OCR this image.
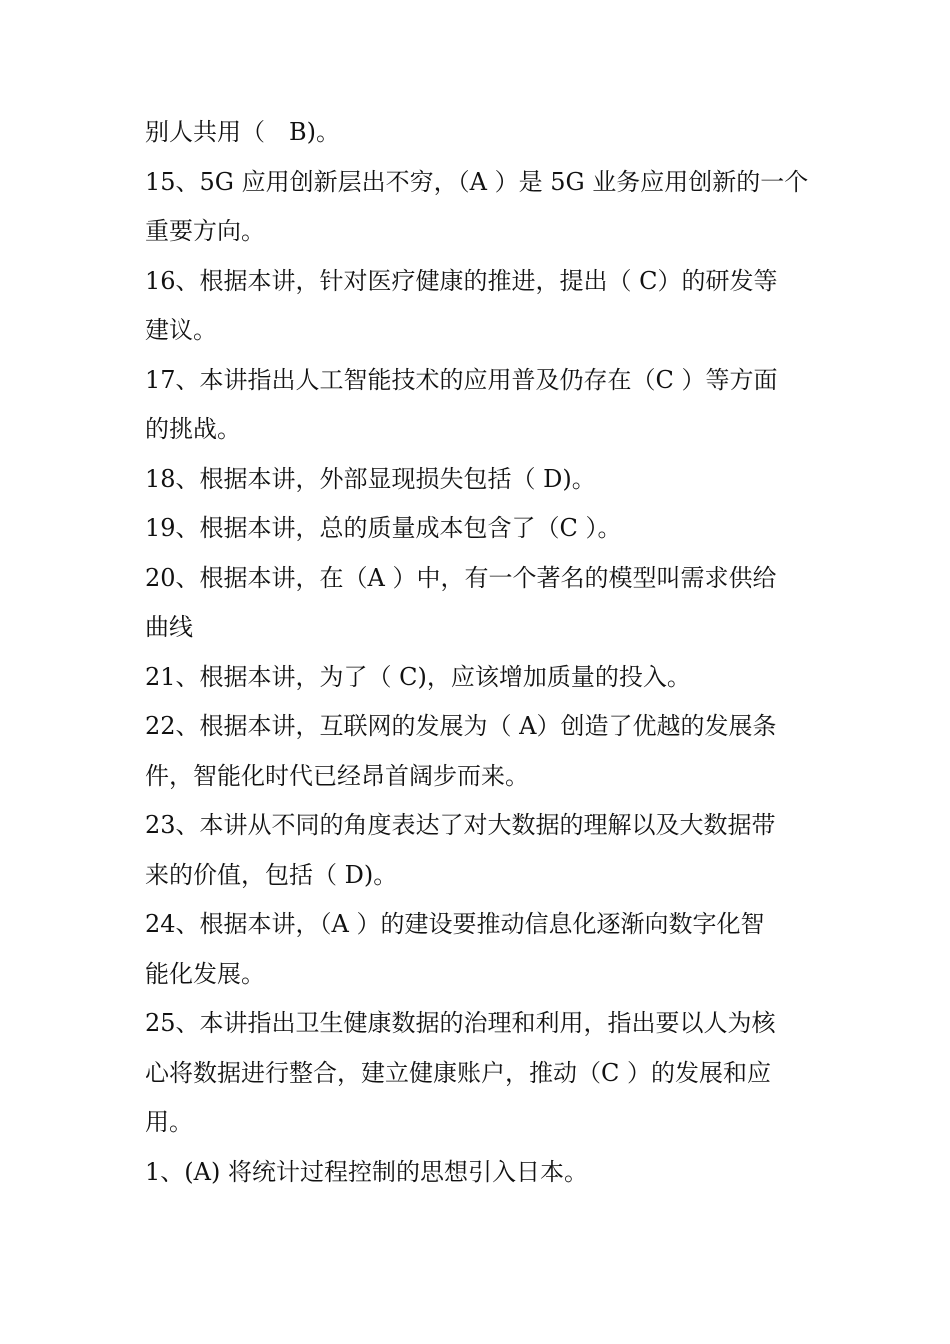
别人共用（　B)。

15、5G 应用创新层出不穷，（A ）是 5G 业务应用创新的一个
重要方向。

16、根据本讲，针对医疗健康的推进，提出（ C）的研发等
建议。

17、本讲指出人工智能技术的应用普及仍存在（C ）等方面
的挑战。

18、根据本讲，外部显现损失包括（ D)。

19、根据本讲，总的质量成本包含了（C ）。

20、根据本讲，在（A ）中，有一个著名的模型叫需求供给
曲线

21、根据本讲，为了（ C)，应该增加质量的投入。

22、根据本讲，互联网的发展为（ A）创造了优越的发展条
件，智能化时代已经昂首阔步而来。

23、本讲从不同的角度表达了对大数据的理解以及大数据带
来的价值，包括（ D)。

24、根据本讲，（A ）的建设要推动信息化逐渐向数字化智
能化发展。

25、本讲指出卫生健康数据的治理和利用，指出要以人为核
心将数据进行整合，建立健康账户，推动（C ）的发展和应
用。

1、(A) 将统计过程控制的思想引入日本。
